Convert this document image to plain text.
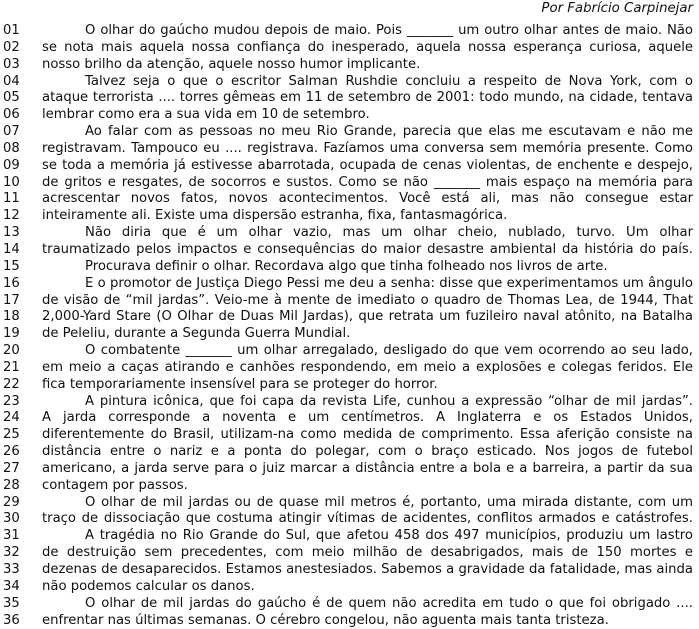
Por Fabrício Carpinejar
01	O olhar do gaúcho mudou depois de maio. Pois _______ um outro olhar antes de maio. Não
02	se nota mais aquela nossa confiança do inesperado, aquela nossa esperança curiosa, aquele
03	nosso brilho da atenção, aquele nosso humor implicante.
04	Talvez seja o que o escritor Salman Rushdie concluiu a respeito de Nova York, com o
05	ataque terrorista .... torres gêmeas em 11 de setembro de 2001: todo mundo, na cidade, tentava
06	lembrar como era a sua vida em 10 de setembro.
07	Ao falar com as pessoas no meu Rio Grande, parecia que elas me escutavam e não me
08	registravam. Tampouco eu .... registrava. Fazíamos uma conversa sem memória presente. Como
09	se toda a memória já estivesse abarrotada, ocupada de cenas violentas, de enchente e despejo,
10	de gritos e resgates, de socorros e sustos. Como se não _______ mais espaço na memória para
11	acrescentar novos fatos, novos acontecimentos. Você está ali, mas não consegue estar
12	inteiramente ali. Existe uma dispersão estranha, fixa, fantasmagórica.
13	Não diria que é um olhar vazio, mas um olhar cheio, nublado, turvo. Um olhar
14	traumatizado pelos impactos e consequências do maior desastre ambiental da história do país.
15	Procurava definir o olhar. Recordava algo que tinha folheado nos livros de arte.
16	E o promotor de Justiça Diego Pessi me deu a senha: disse que experimentamos um ângulo
17	de visão de “mil jardas”. Veio-me à mente de imediato o quadro de Thomas Lea, de 1944, That
18	2,000-Yard Stare (O Olhar de Duas Mil Jardas), que retrata um fuzileiro naval atônito, na Batalha
19	de Peleliu, durante a Segunda Guerra Mundial.
20	O combatente _______ um olhar arregalado, desligado do que vem ocorrendo ao seu lado,
21	em meio a caças atirando e canhões respondendo, em meio a explosões e colegas feridos. Ele
22	fica temporariamente insensível para se proteger do horror.
23	A pintura icônica, que foi capa da revista Life, cunhou a expressão “olhar de mil jardas”.
24	A jarda corresponde a noventa e um centímetros. A Inglaterra e os Estados Unidos,
25	diferentemente do Brasil, utilizam-na como medida de comprimento. Essa aferição consiste na
26	distância entre o nariz e a ponta do polegar, com o braço esticado. Nos jogos de futebol
27	americano, a jarda serve para o juiz marcar a distância entre a bola e a barreira, a partir da sua
28	contagem por passos.
29	O olhar de mil jardas ou de quase mil metros é, portanto, uma mirada distante, com um
30	traço de dissociação que costuma atingir vítimas de acidentes, conflitos armados e catástrofes.
31	A tragédia no Rio Grande do Sul, que afetou 458 dos 497 municípios, produziu um lastro
32	de destruição sem precedentes, com meio milhão de desabrigados, mais de 150 mortes e
33	dezenas de desaparecidos. Estamos anestesiados. Sabemos a gravidade da fatalidade, mas ainda
34	não podemos calcular os danos.
35	O olhar de mil jardas do gaúcho é de quem não acredita em tudo o que foi obrigado ....
36	enfrentar nas últimas semanas. O cérebro congelou, não aguenta mais tanta tristeza.
